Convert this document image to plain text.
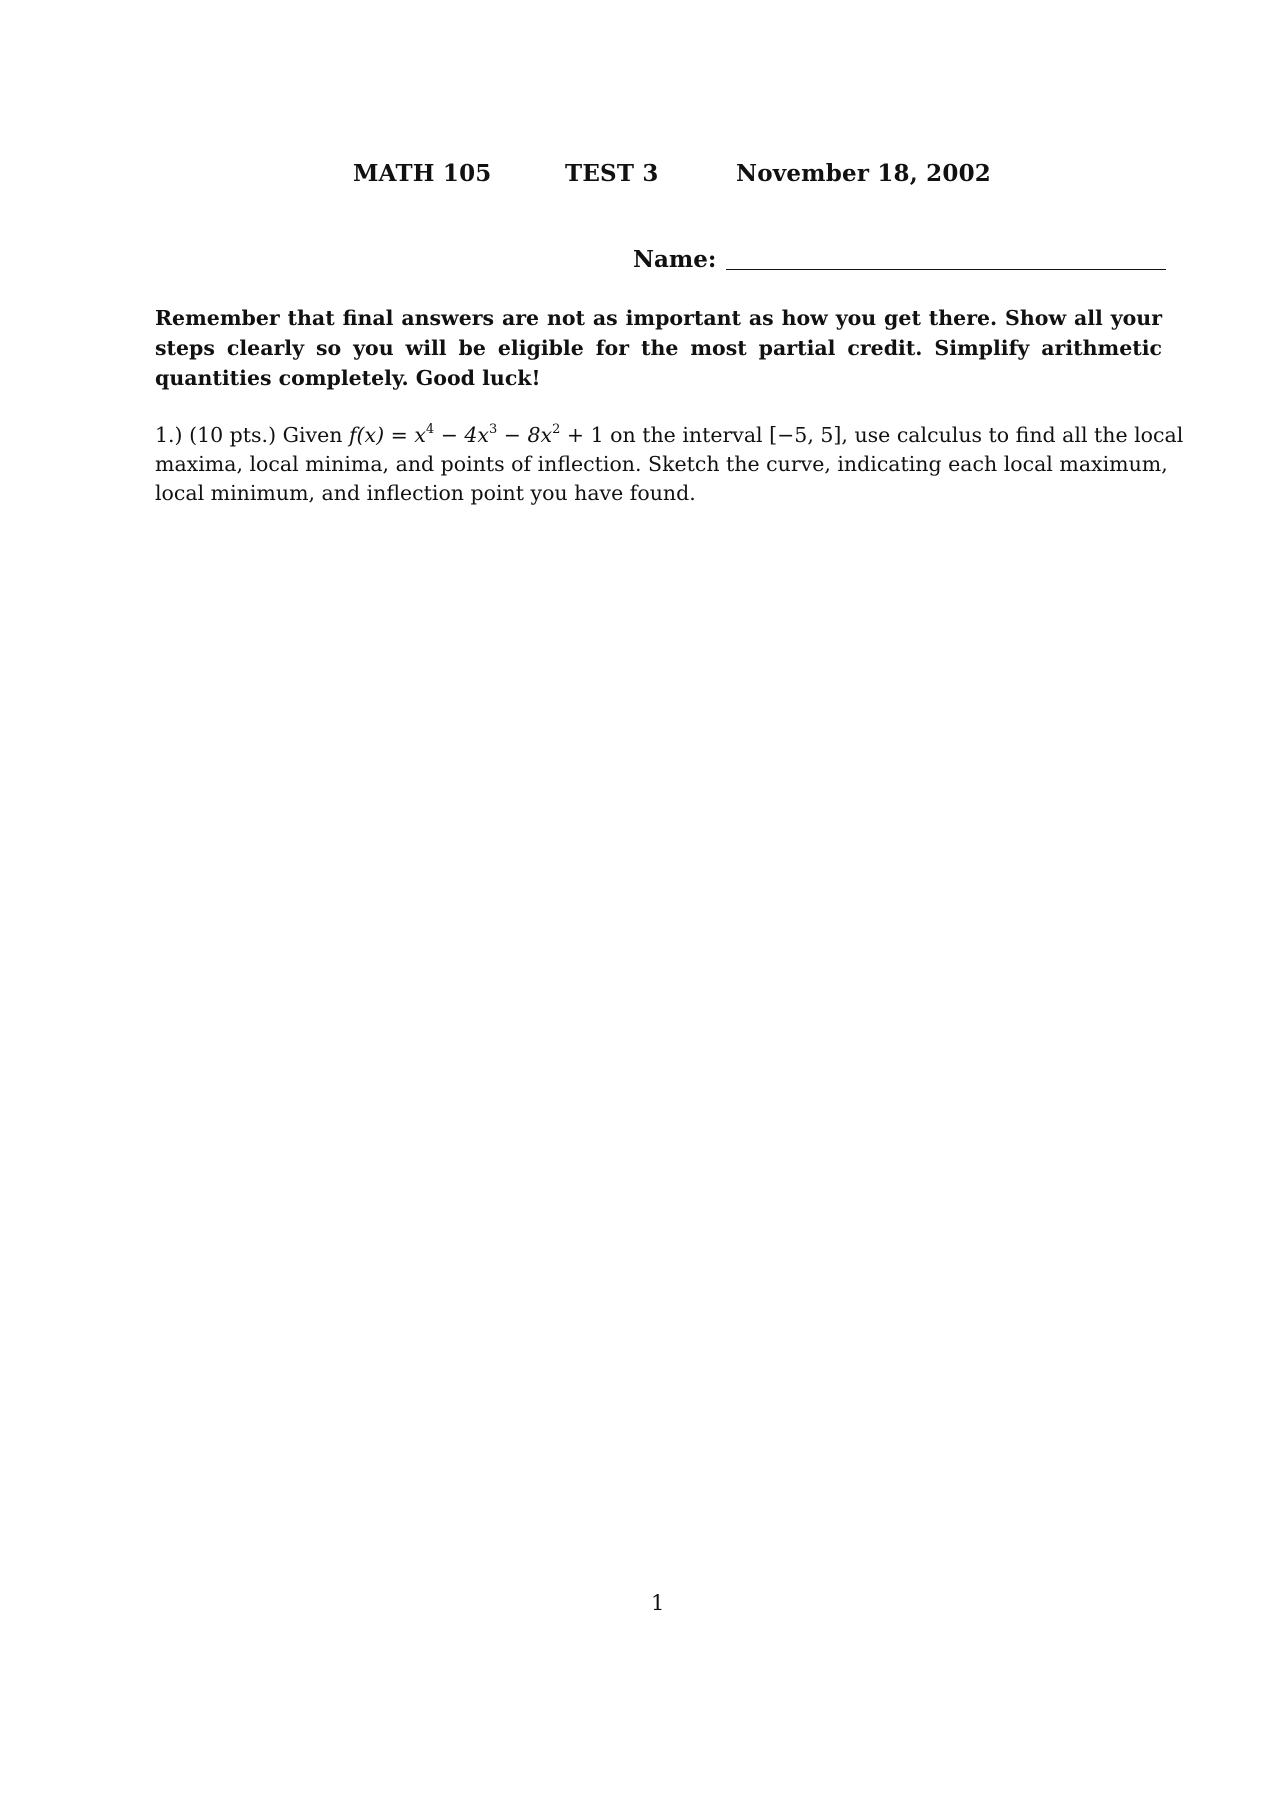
MATH 105	TEST 3	November 18, 2002
Name:
Remember that final answers are not as important as how you get there. Show all your
steps clearly so you will be eligible for the most partial credit. Simplify arithmetic
quantities completely. Good luck!
1.) (10 pts.) Given $f(x) = x^4 - 4x^3 - 8x^2 + 1$ on the interval [−5, 5], use calculus to find all the local
maxima, local minima, and points of inflection. Sketch the curve, indicating each local maximum,
local minimum, and inflection point you have found.
1
